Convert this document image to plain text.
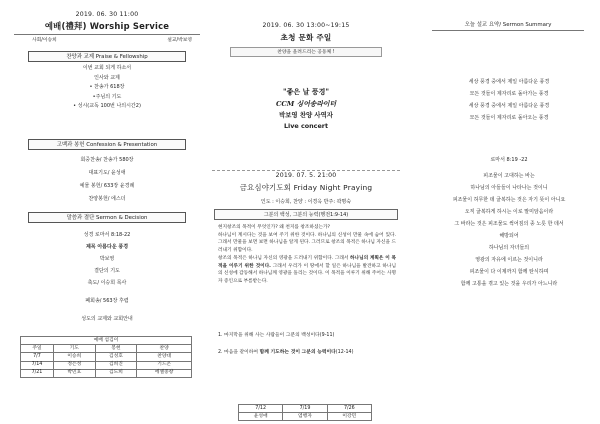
2019. 06. 30 11:00
예배(禮拜) Worship Service
사회/이승희	설교/박보영
찬양과 교제 Praise & Fellowship
이번 교회 되게 하소서
인사와 교제
• 찬송가 618장
•주님의 기도
• 성시(교독 100번 나의시간2)
고백과 봉헌 Confession & Presentation
회중찬송/ 찬송가 580장
대표기도/ 윤성애
예물 봉헌/ 633장 윤경례
찬양봉헌/ 에스더
말씀과 결단 Sermon & Decision
성경 로마서 8:18-22
제목 아름다운 풍경
박보영
결단의 기도
축도/ 이승희 목사
폐회송/ 563장 후렴
성도의 교제와 교회안내
예배 섬김이			
주일	기도	봉헌	찬양
7/7	이승희	김성호	찬양대
7/14	정은성	김희진	기드온
7/21	박민호	김도희	에셀중창
2019. 06. 30 13:00~19:15
초청 문화 주일
찬양을 올려드리는 공동체 !
"좋은 날 풍경"
CCM 싱어송라이터
박보영 찬양 사역자
Live concert
2019. 07. 5. 21:00
금요심야기도회 Friday Night Praying
인도 : 이승희, 찬양 : 이경옥 반주: 곽명숙
그분의 백성, 그분의 능력(행전1:9-14)
현지창조의 목적이 무엇인가? 왜 천지를 창조하셨는가?
하나님이 계시다는 것을 보여 주기 위한 것이다. 하나님의 신성이 만물 속에 숨어 있다. 그래서 만물을 보면 보면 하나님을 알게 된다. 그러므로 창조의 목적은 하나님 자신을 드러내기 위함이다.
창조의 목적은 하나님 자신의 영광을 드러내기 위함이다. 그래서 하나님의 계획은 이 목적을 이루기 위한 것이다. 그래서 우리가 이 땅에서 할 일은 하나님을 발견하고 하나님의 신성에 감동해서 하나님께 영광을 돌리는 것이다. 이 목적을 이루기 위해 주어는 사명자 증인으로 부름받는다.
1. 마지막을 위해 사는 사람들이 그분의 백성이다(9-11)
2. 마음을 같이하여 함께 기도하는 것이 그분의 능력이다(12-14)
7/12	7/19	7/26
윤성애	염행자	이강민
오늘 설교 요약/ Sermon Summary
세상 풍경 중에서 제일 아름다운 풍경
모든 것들이 제자리로 돌아가는 풍경
세상 풍경 중에서 제일 아름다운 풍경
모든 것들이 제자리로 돌아오는 풍경
로마서 8:19 -22
피조물이 고대하는 바는
하나님의 아들들이 나타나는 것이니
피조물이 허무한 데 굴복하는 것은 자기 뜻이 아니요
오직 굴복하게 하시는 이로 말미암음이라
그 바라는 것은 피조물도 썩어짐의 종 노릇 한 데서
해방되어
하나님의 자녀들의
영광의 자유에 이르는 것이니라
피조물이 다 이제까지 함께 탄식하며
함께 고통을 겪고 있는 것을 우리가 아느니라
